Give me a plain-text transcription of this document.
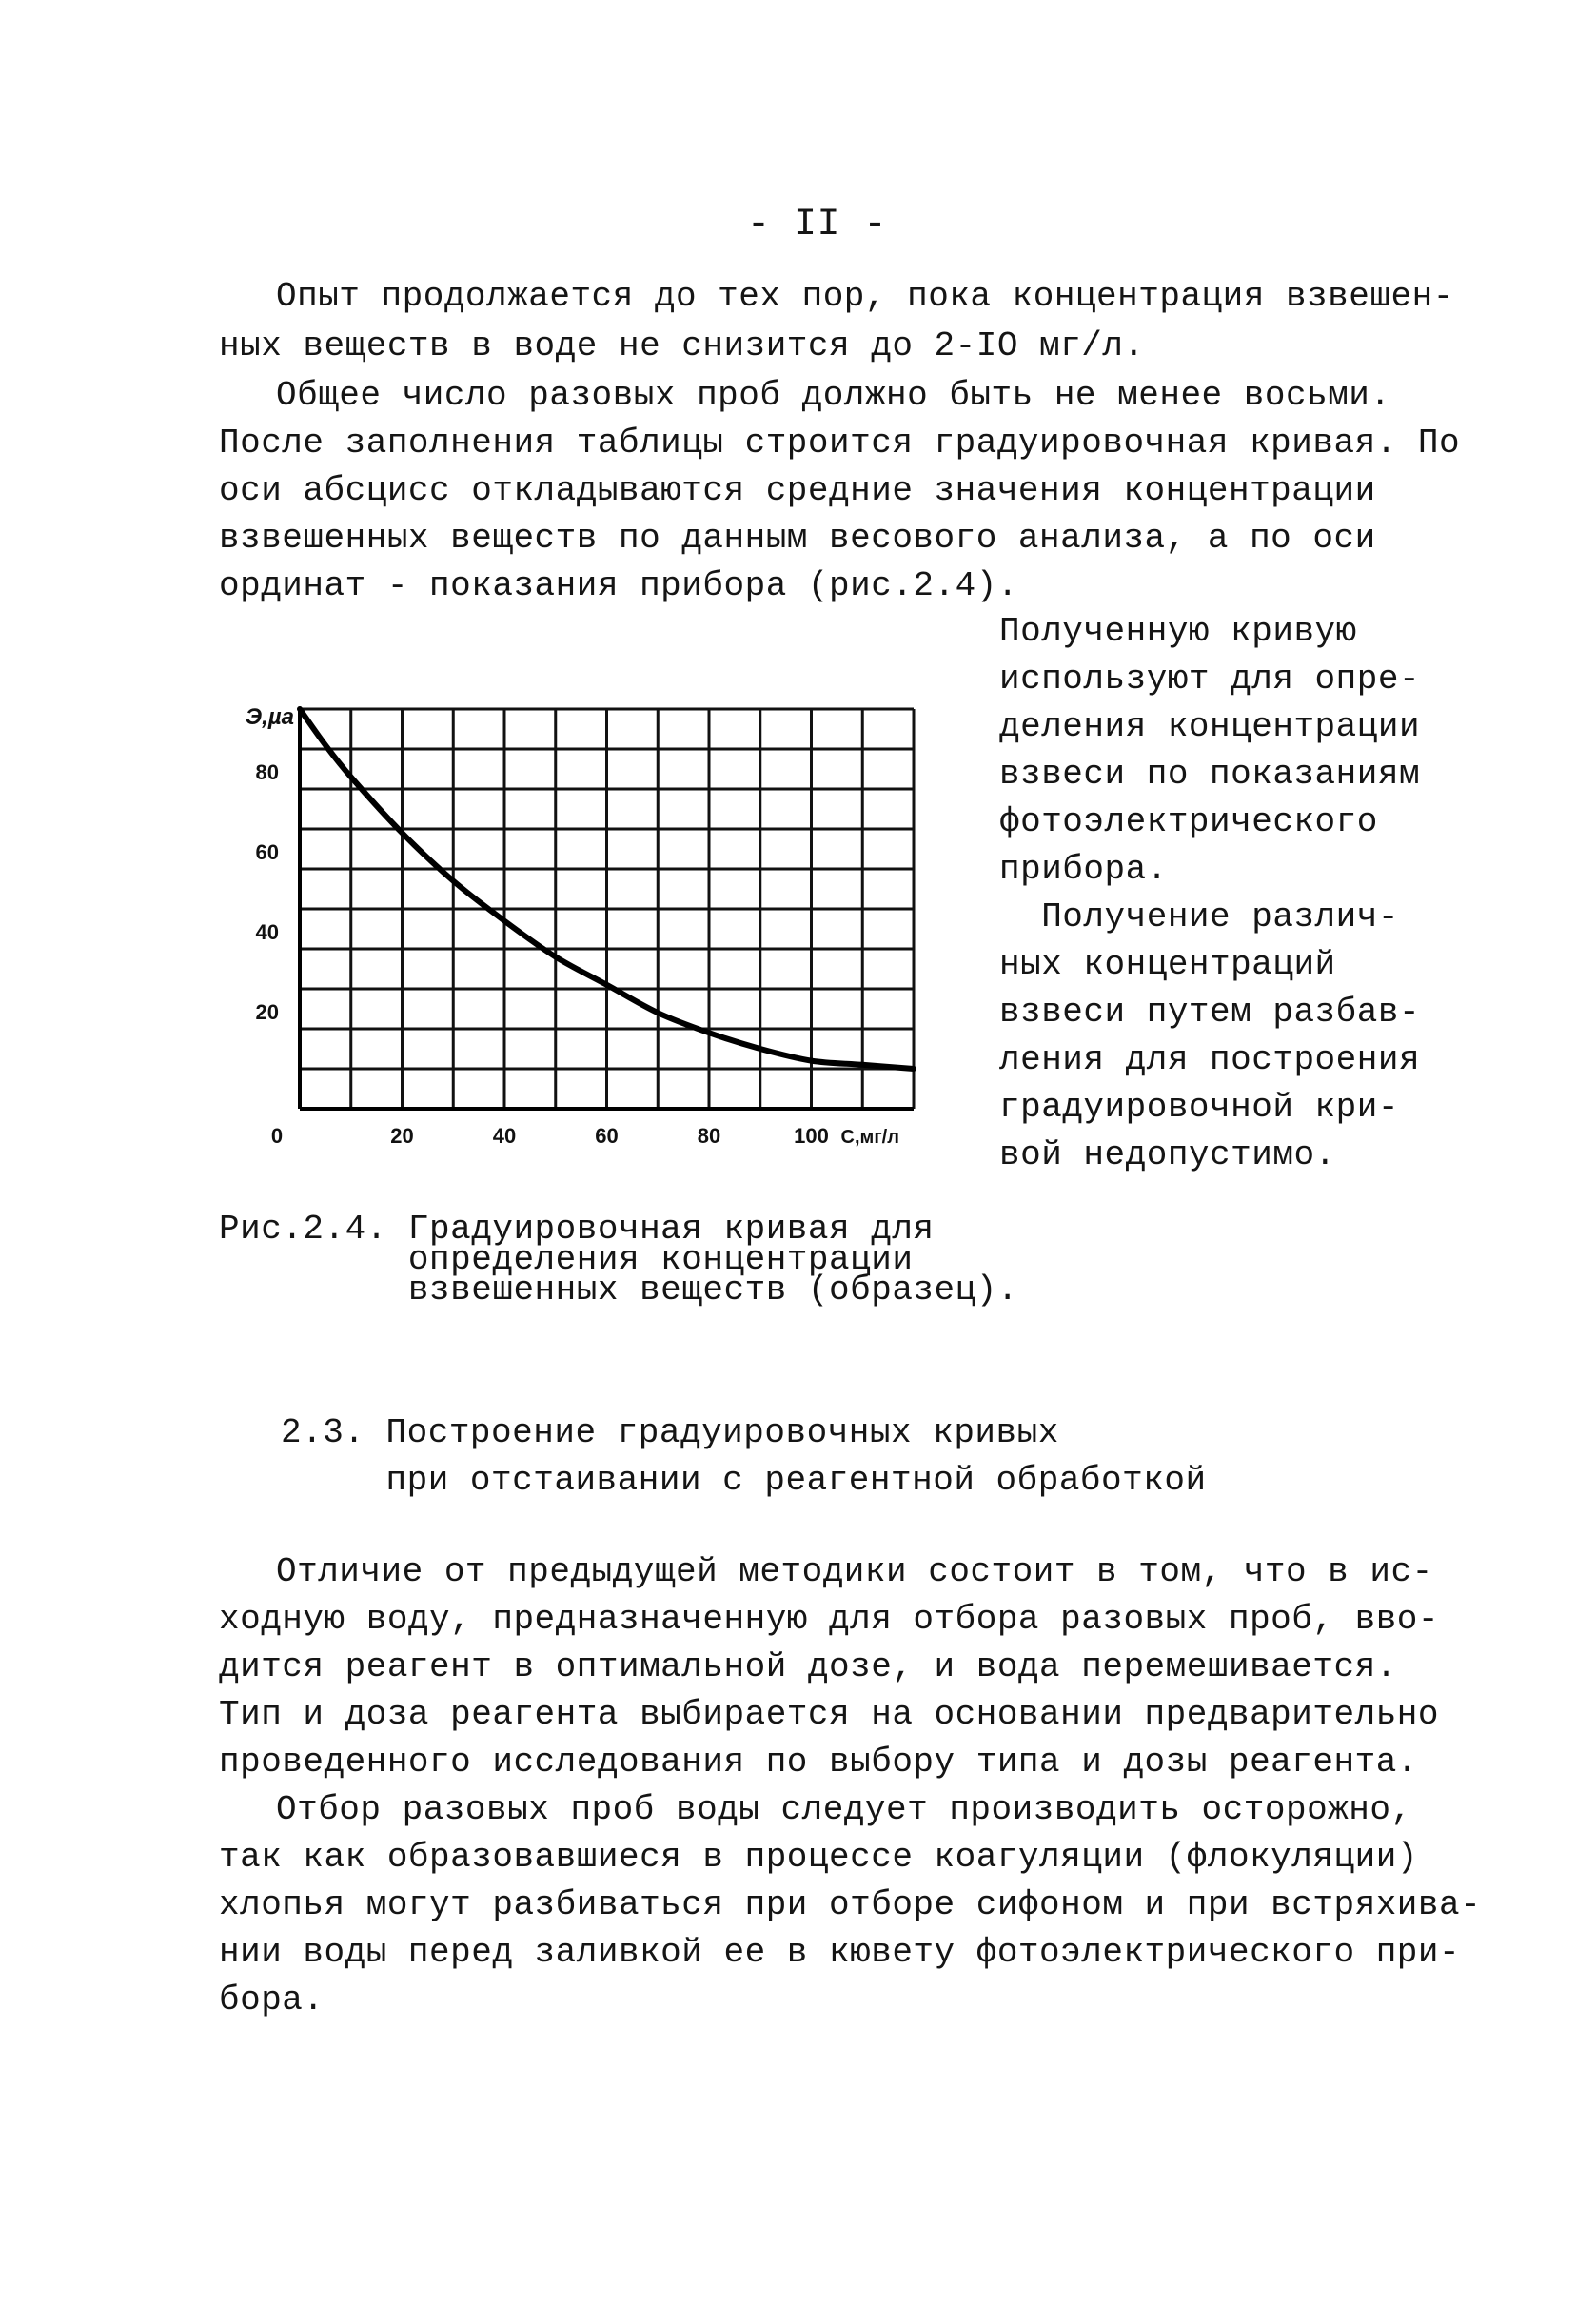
- II -
Опыт продолжается до тех пор, пока концентрация взвешен-
ных веществ в воде не снизится до 2-IO мг/л.
Общее число разовых проб должно быть не менее восьми.
После заполнения таблицы строится градуировочная кривая. По
оси абсцисс откладываются средние значения концентрации
взвешенных веществ по данным весового анализа, а по оси
ординат - показания прибора (рис.2.4).
Полученную кривую
используют для опре-
деления концентрации
взвеси по показаниям
фотоэлектрического
прибора.
Получение различ-
ных концентраций
взвеси путем разбав-
ления для построения
градуировочной кри-
вой недопустимо.
0	20	40	60	80	100 С,мг/л
20
40
60
80
Э,µа
Рис.2.4. Градуировочная кривая для
определения концентрации
взвешенных веществ (образец).
2.3. Построение градуировочных кривых
при отстаивании с реагентной обработкой
Отличие от предыдущей методики состоит в том, что в ис-
ходную воду, предназначенную для отбора разовых проб, вво-
дится реагент в оптимальной дозе, и вода перемешивается.
Тип и доза реагента выбирается на основании предварительно
проведенного исследования по выбору типа и дозы реагента.
Отбор разовых проб воды следует производить осторожно,
так как образовавшиеся в процессе коагуляции (флокуляции)
хлопья могут разбиваться при отборе сифоном и при встряхива-
нии воды перед заливкой ее в кювету фотоэлектрического при-
бора.
